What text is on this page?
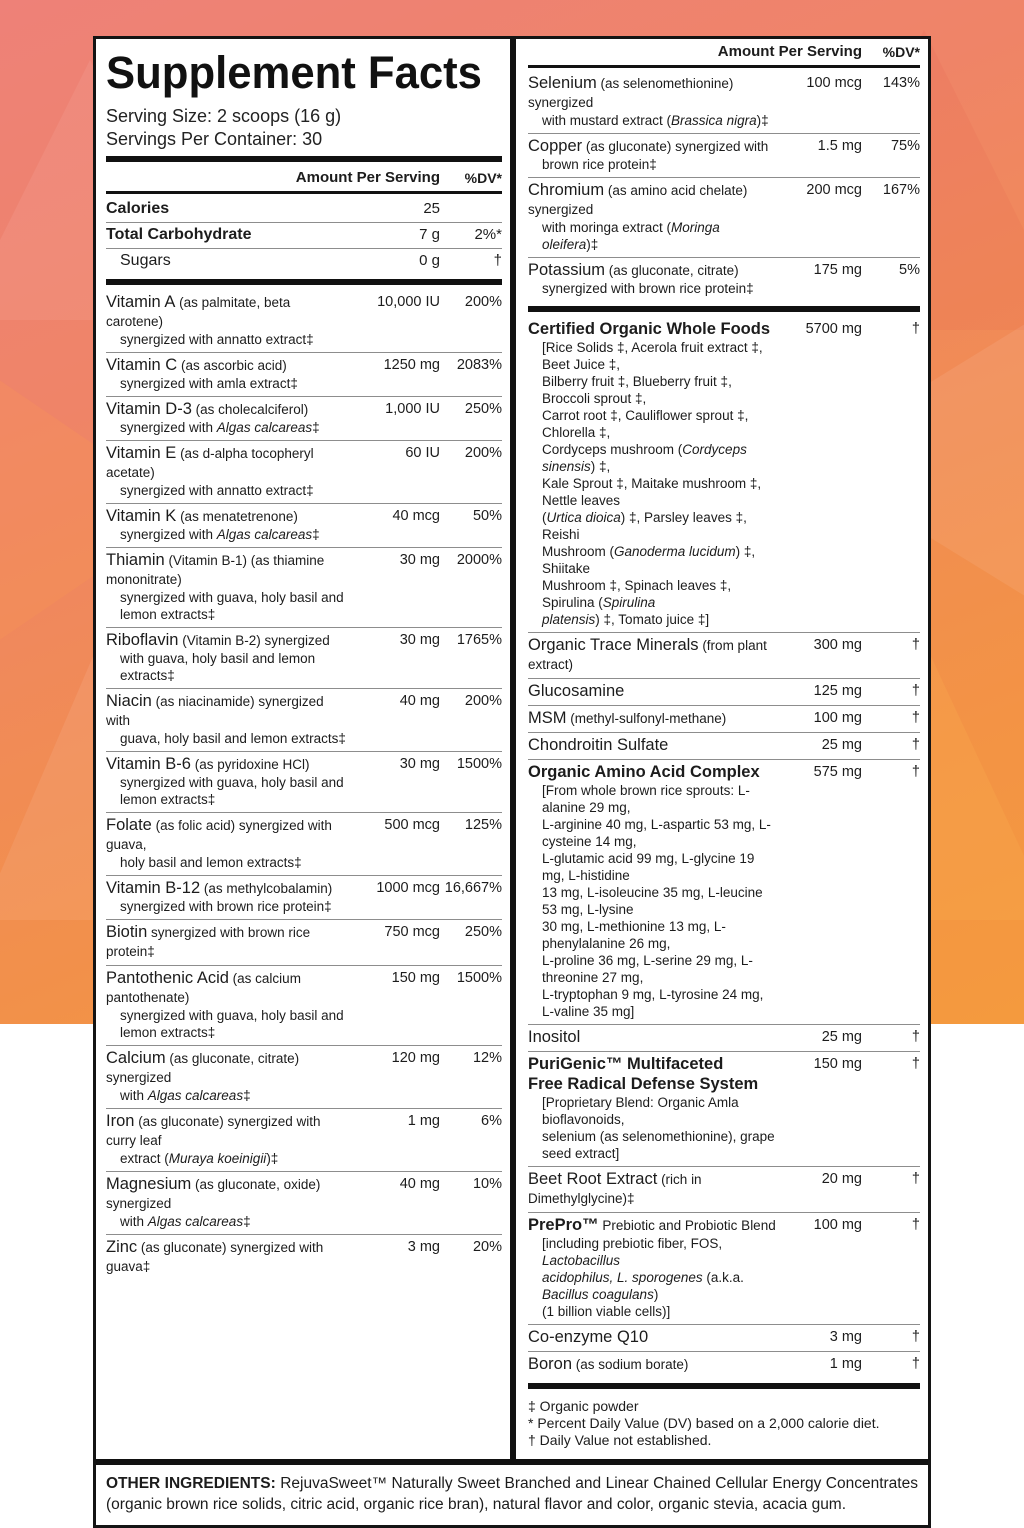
Supplement Facts
Serving Size: 2 scoops (16 g)
Servings Per Container: 30
Amount Per Serving	%DV*
Calories	25
Total Carbohydrate	7 g	2%*
Sugars	0 g	†
Vitamin A (as palmitate, beta carotene)
synergized with annatto extract‡
10,000 IU	200%
Vitamin C (as ascorbic acid)
synergized with amla extract‡
1250 mg	2083%
Vitamin D-3 (as cholecalciferol)
synergized with Algas calcareas‡
1,000 IU	250%
Vitamin E (as d-alpha tocopheryl acetate)
synergized with annatto extract‡
60 IU	200%
Vitamin K (as menatetrenone)
synergized with Algas calcareas‡
40 mcg	50%
Thiamin (Vitamin B-1) (as thiamine mononitrate)
synergized with guava, holy basil and
lemon extracts‡
30 mg	2000%
Riboflavin (Vitamin B-2) synergized
with guava, holy basil and lemon extracts‡
30 mg	1765%
Niacin (as niacinamide) synergized with
guava, holy basil and lemon extracts‡
40 mg	200%
Vitamin B-6 (as pyridoxine HCl)
synergized with guava, holy basil and
lemon extracts‡
30 mg	1500%
Folate (as folic acid) synergized with guava,
holy basil and lemon extracts‡
500 mcg	125%
Vitamin B-12 (as methylcobalamin)
synergized with brown rice protein‡
1000 mcg 16,667%
Biotin synergized with brown rice protein‡
750 mcg	250%
Pantothenic Acid (as calcium pantothenate)
synergized with guava, holy basil and
lemon extracts‡
150 mg	1500%
Calcium (as gluconate, citrate) synergized
with Algas calcareas‡
120 mg	12%
Iron (as gluconate) synergized with curry leaf
extract (Muraya koeinigii)‡
1 mg	6%
Magnesium (as gluconate, oxide) synergized
with Algas calcareas‡
40 mg	10%
Zinc (as gluconate) synergized with guava‡
3 mg	20%
Amount Per Serving	%DV*
Selenium (as selenomethionine) synergized
with mustard extract (Brassica nigra)‡
100 mcg	143%
Copper (as gluconate) synergized with
brown rice protein‡
1.5 mg	75%
Chromium (as amino acid chelate) synergized
with moringa extract (Moringa oleifera)‡
200 mcg	167%
Potassium (as gluconate, citrate)
synergized with brown rice protein‡
175 mg	5%
Certified Organic Whole Foods
[Rice Solids ‡, Acerola fruit extract ‡, Beet Juice ‡,
Bilberry fruit ‡, Blueberry fruit ‡, Broccoli sprout ‡,
Carrot root ‡, Cauliflower sprout ‡, Chlorella ‡,
Cordyceps mushroom (Cordyceps sinensis) ‡,
Kale Sprout ‡, Maitake mushroom ‡, Nettle leaves
(Urtica dioica) ‡, Parsley leaves ‡, Reishi
Mushroom (Ganoderma lucidum) ‡, Shiitake
Mushroom ‡, Spinach leaves ‡, Spirulina (Spirulina
platensis) ‡, Tomato juice ‡]
5700 mg	†
Organic Trace Minerals (from plant extract)
300 mg	†
Glucosamine	125 mg	†
MSM (methyl-sulfonyl-methane)	100 mg	†
Chondroitin Sulfate	25 mg	†
Organic Amino Acid Complex
[From whole brown rice sprouts: L-alanine 29 mg,
L-arginine 40 mg, L-aspartic 53 mg, L-cysteine 14 mg,
L-glutamic acid 99 mg, L-glycine 19 mg, L-histidine
13 mg, L-isoleucine 35 mg, L-leucine 53 mg, L-lysine
30 mg, L-methionine 13 mg, L-phenylalanine 26 mg,
L-proline 36 mg, L-serine 29 mg, L-threonine 27 mg,
L-tryptophan 9 mg, L-tyrosine 24 mg, L-valine 35 mg]
575 mg	†
Inositol	25 mg	†
PuriGenic™ Multifaceted
Free Radical Defense System
[Proprietary Blend: Organic Amla bioflavonoids,
selenium (as selenomethionine), grape seed extract]
150 mg	†
Beet Root Extract (rich in Dimethylglycine)‡
20 mg	†
PrePro™ Prebiotic and Probiotic Blend
[including prebiotic fiber, FOS, Lactobacillus
acidophilus, L. sporogenes (a.k.a. Bacillus coagulans)
(1 billion viable cells)]
100 mg	†
Co-enzyme Q10	3 mg	†
Boron (as sodium borate)	1 mg	†
‡ Organic powder
* Percent Daily Value (DV) based on a 2,000 calorie diet.
† Daily Value not established.
OTHER INGREDIENTS: RejuvaSweet™ Naturally Sweet Branched and Linear Chained Cellular Energy Concentrates (organic brown rice solids, citric acid, organic rice bran), natural flavor and color, organic stevia, acacia gum.
